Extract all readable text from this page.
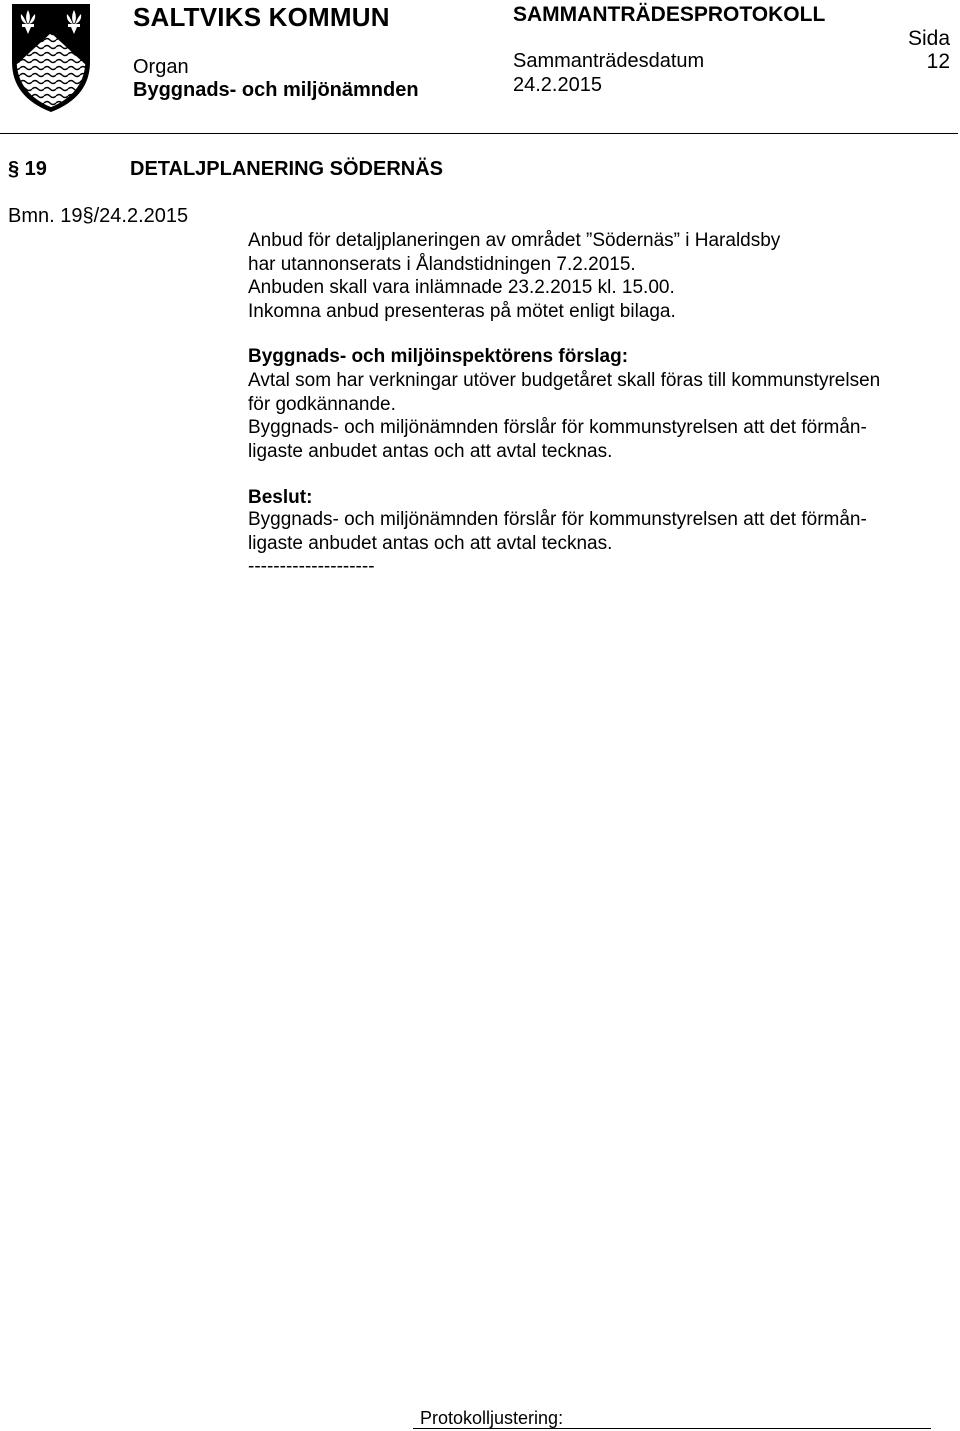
SALTVIKS KOMMUN
Organ
Byggnads- och miljönämnden
SAMMANTRÄDESPROTOKOLL
Sammanträdesdatum
24.2.2015
Sida
12
§ 19	DETALJPLANERING SÖDERNÄS
Bmn. 19§/24.2.2015
Anbud för detaljplaneringen av området ”Södernäs” i Haraldsby
har utannonserats i Ålandstidningen 7.2.2015.
Anbuden skall vara inlämnade 23.2.2015 kl. 15.00.
Inkomna anbud presenteras på mötet enligt bilaga.
Byggnads- och miljöinspektörens förslag:
Avtal som har verkningar utöver budgetåret skall föras till kommunstyrelsen
för godkännande.
Byggnads- och miljönämnden förslår för kommunstyrelsen att det förmån-
ligaste anbudet antas och att avtal tecknas.
Beslut:
Byggnads- och miljönämnden förslår för kommunstyrelsen att det förmån-
ligaste anbudet antas och att avtal tecknas.
--------------------
Protokolljustering:
